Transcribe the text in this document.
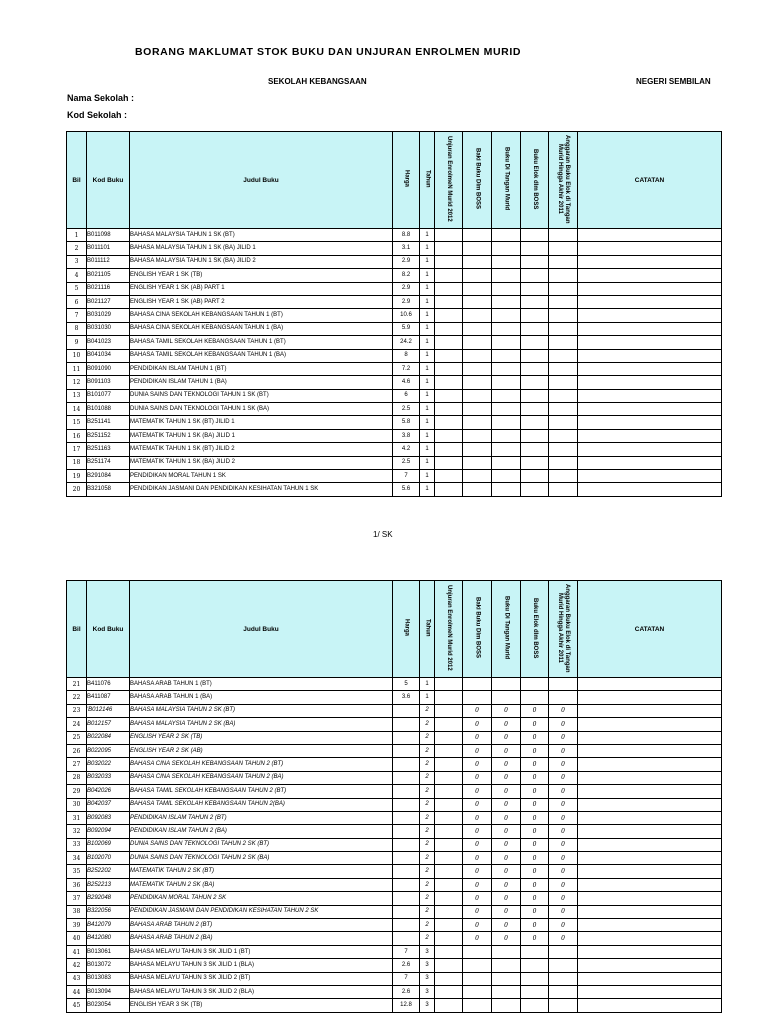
BORANG MAKLUMAT STOK BUKU DAN UNJURAN ENROLMEN MURID
SEKOLAH KEBANGSAAN	NEGERI SEMBILAN
Nama Sekolah :
Kod Sekolah :
Bil	Kod Buku	Judul Buku	Harga	Tahun	Unjuran EnrolmeN Murid 2012	Baki Buku Dlm BOSS	Buku Di Tangan Murid	Buku Elok dlm BOSS	Anggaran Buku Elok di Tangan Murid Hingga Akhir 2011	CATATAN
1	B011098	BAHASA MALAYSIA TAHUN 1 SK (BT)	8.8	1						
2	B011101	BAHASA MALAYSIA TAHUN 1 SK (BA) JILID 1	3.1	1						
3	B011112	BAHASA MALAYSIA TAHUN 1 SK (BA) JILID 2	2.9	1						
4	B021105	ENGLISH YEAR 1 SK (TB)	8.2	1						
5	B021116	ENGLISH YEAR 1 SK (AB) PART 1	2.9	1						
6	B021127	ENGLISH YEAR 1 SK (AB) PART 2	2.9	1						
7	B031029	BAHASA CINA SEKOLAH KEBANGSAAN TAHUN 1 (BT)	10.6	1						
8	B031030	BAHASA CINA SEKOLAH KEBANGSAAN TAHUN 1 (BA)	5.9	1						
9	B041023	BAHASA TAMIL SEKOLAH KEBANGSAAN TAHUN 1 (BT)	24.2	1						
10	B041034	BAHASA TAMIL SEKOLAH KEBANGSAAN TAHUN 1 (BA)	8	1						
11	B091090	PENDIDIKAN ISLAM TAHUN 1 (BT)	7.2	1						
12	B091103	PENDIDIKAN ISLAM TAHUN 1 (BA)	4.6	1						
13	B101077	DUNIA SAINS DAN TEKNOLOGI TAHUN 1 SK (BT)	6	1						
14	B101088	DUNIA SAINS DAN TEKNOLOGI TAHUN 1 SK (BA)	2.5	1						
15	B251141	MATEMATIK TAHUN 1 SK (BT) JILID 1	5.8	1						
16	B251152	MATEMATIK TAHUN 1 SK (BA) JILID 1	3.8	1						
17	B251163	MATEMATIK TAHUN 1 SK (BT) JILID 2	4.2	1						
18	B251174	MATEMATIK TAHUN 1 SK (BA) JILID 2	2.5	1						
19	B291084	PENDIDIKAN MORAL TAHUN 1 SK	7	1						
20	B321058	PENDIDIKAN JASMANI DAN PENDIDIKAN KESIHATAN TAHUN 1 SK	5.6	1						
1/ SK
Bil	Kod Buku	Judul Buku	Harga	Tahun	Unjuran EnrolmeN Murid 2012	Baki Buku Dlm BOSS	Buku Di Tangan Murid	Buku Elok dlm BOSS	Anggaran Buku Elok di Tangan Murid Hingga Akhir 2011	CATATAN
21	B411076	BAHASA ARAB TAHUN 1 (BT)	5	1						
22	B411087	BAHASA ARAB TAHUN 1 (BA)	3.6	1						
23	'B012146	BAHASA MALAYSIA TAHUN 2 SK (BT)		2		0	0	0	0	
24	B012157	BAHASA MALAYSIA TAHUN 2 SK (BA)		2		0	0	0	0	
25	B022084	ENGLISH YEAR 2 SK (TB)		2		0	0	0	0	
26	B022095	ENGLISH YEAR 2 SK (AB)		2		0	0	0	0	
27	B032022	BAHASA CINA SEKOLAH KEBANGSAAN TAHUN 2 (BT)		2		0	0	0	0	
28	B032033	BAHASA CINA SEKOLAH KEBANGSAAN TAHUN 2 (BA)		2		0	0	0	0	
29	B042026	BAHASA TAMIL SEKOLAH KEBANGSAAN TAHUN 2 (BT)		2		0	0	0	0	
30	B042037	BAHASA TAMIL SEKOLAH KEBANGSAAN TAHUN 2(BA)		2		0	0	0	0	
31	B092083	PENDIDIKAN ISLAM TAHUN 2 (BT)		2		0	0	0	0	
32	B092094	PENDIDIKAN ISLAM TAHUN 2 (BA)		2		0	0	0	0	
33	B102069	DUNIA SAINS DAN TEKNOLOGI TAHUN 2 SK (BT)		2		0	0	0	0	
34	B102070	DUNIA SAINS DAN TEKNOLOGI TAHUN 2 SK (BA)		2		0	0	0	0	
35	B252202	MATEMATIK TAHUN 2 SK (BT)		2		0	0	0	0	
36	B252213	MATEMATIK TAHUN 2 SK (BA)		2		0	0	0	0	
37	B292048	PENDIDIKAN MORAL TAHUN 2 SK		2		0	0	0	0	
38	B322056	PENDIDIKAN JASMANI DAN PENDIDIKAN KESIHATAN TAHUN 2 SK		2		0	0	0	0	
39	B412079	BAHASA ARAB TAHUN 2 (BT)		2		0	0	0	0	
40	B412080	BAHASA ARAB TAHUN 2 (BA)		2		0	0	0	0	
41	B013061	BAHASA MELAYU TAHUN 3 SK JILID 1 (BT)	7	3						
42	B013072	BAHASA MELAYU TAHUN 3 SK JILID 1 (BLA)	2.6	3						
43	B013083	BAHASA MELAYU TAHUN 3 SK JILID 2 (BT)	7	3						
44	B013094	BAHASA MELAYU TAHUN 3 SK JILID 2 (BLA)	2.6	3						
45	B023054	ENGLISH YEAR 3 SK (TB)	12.8	3						
